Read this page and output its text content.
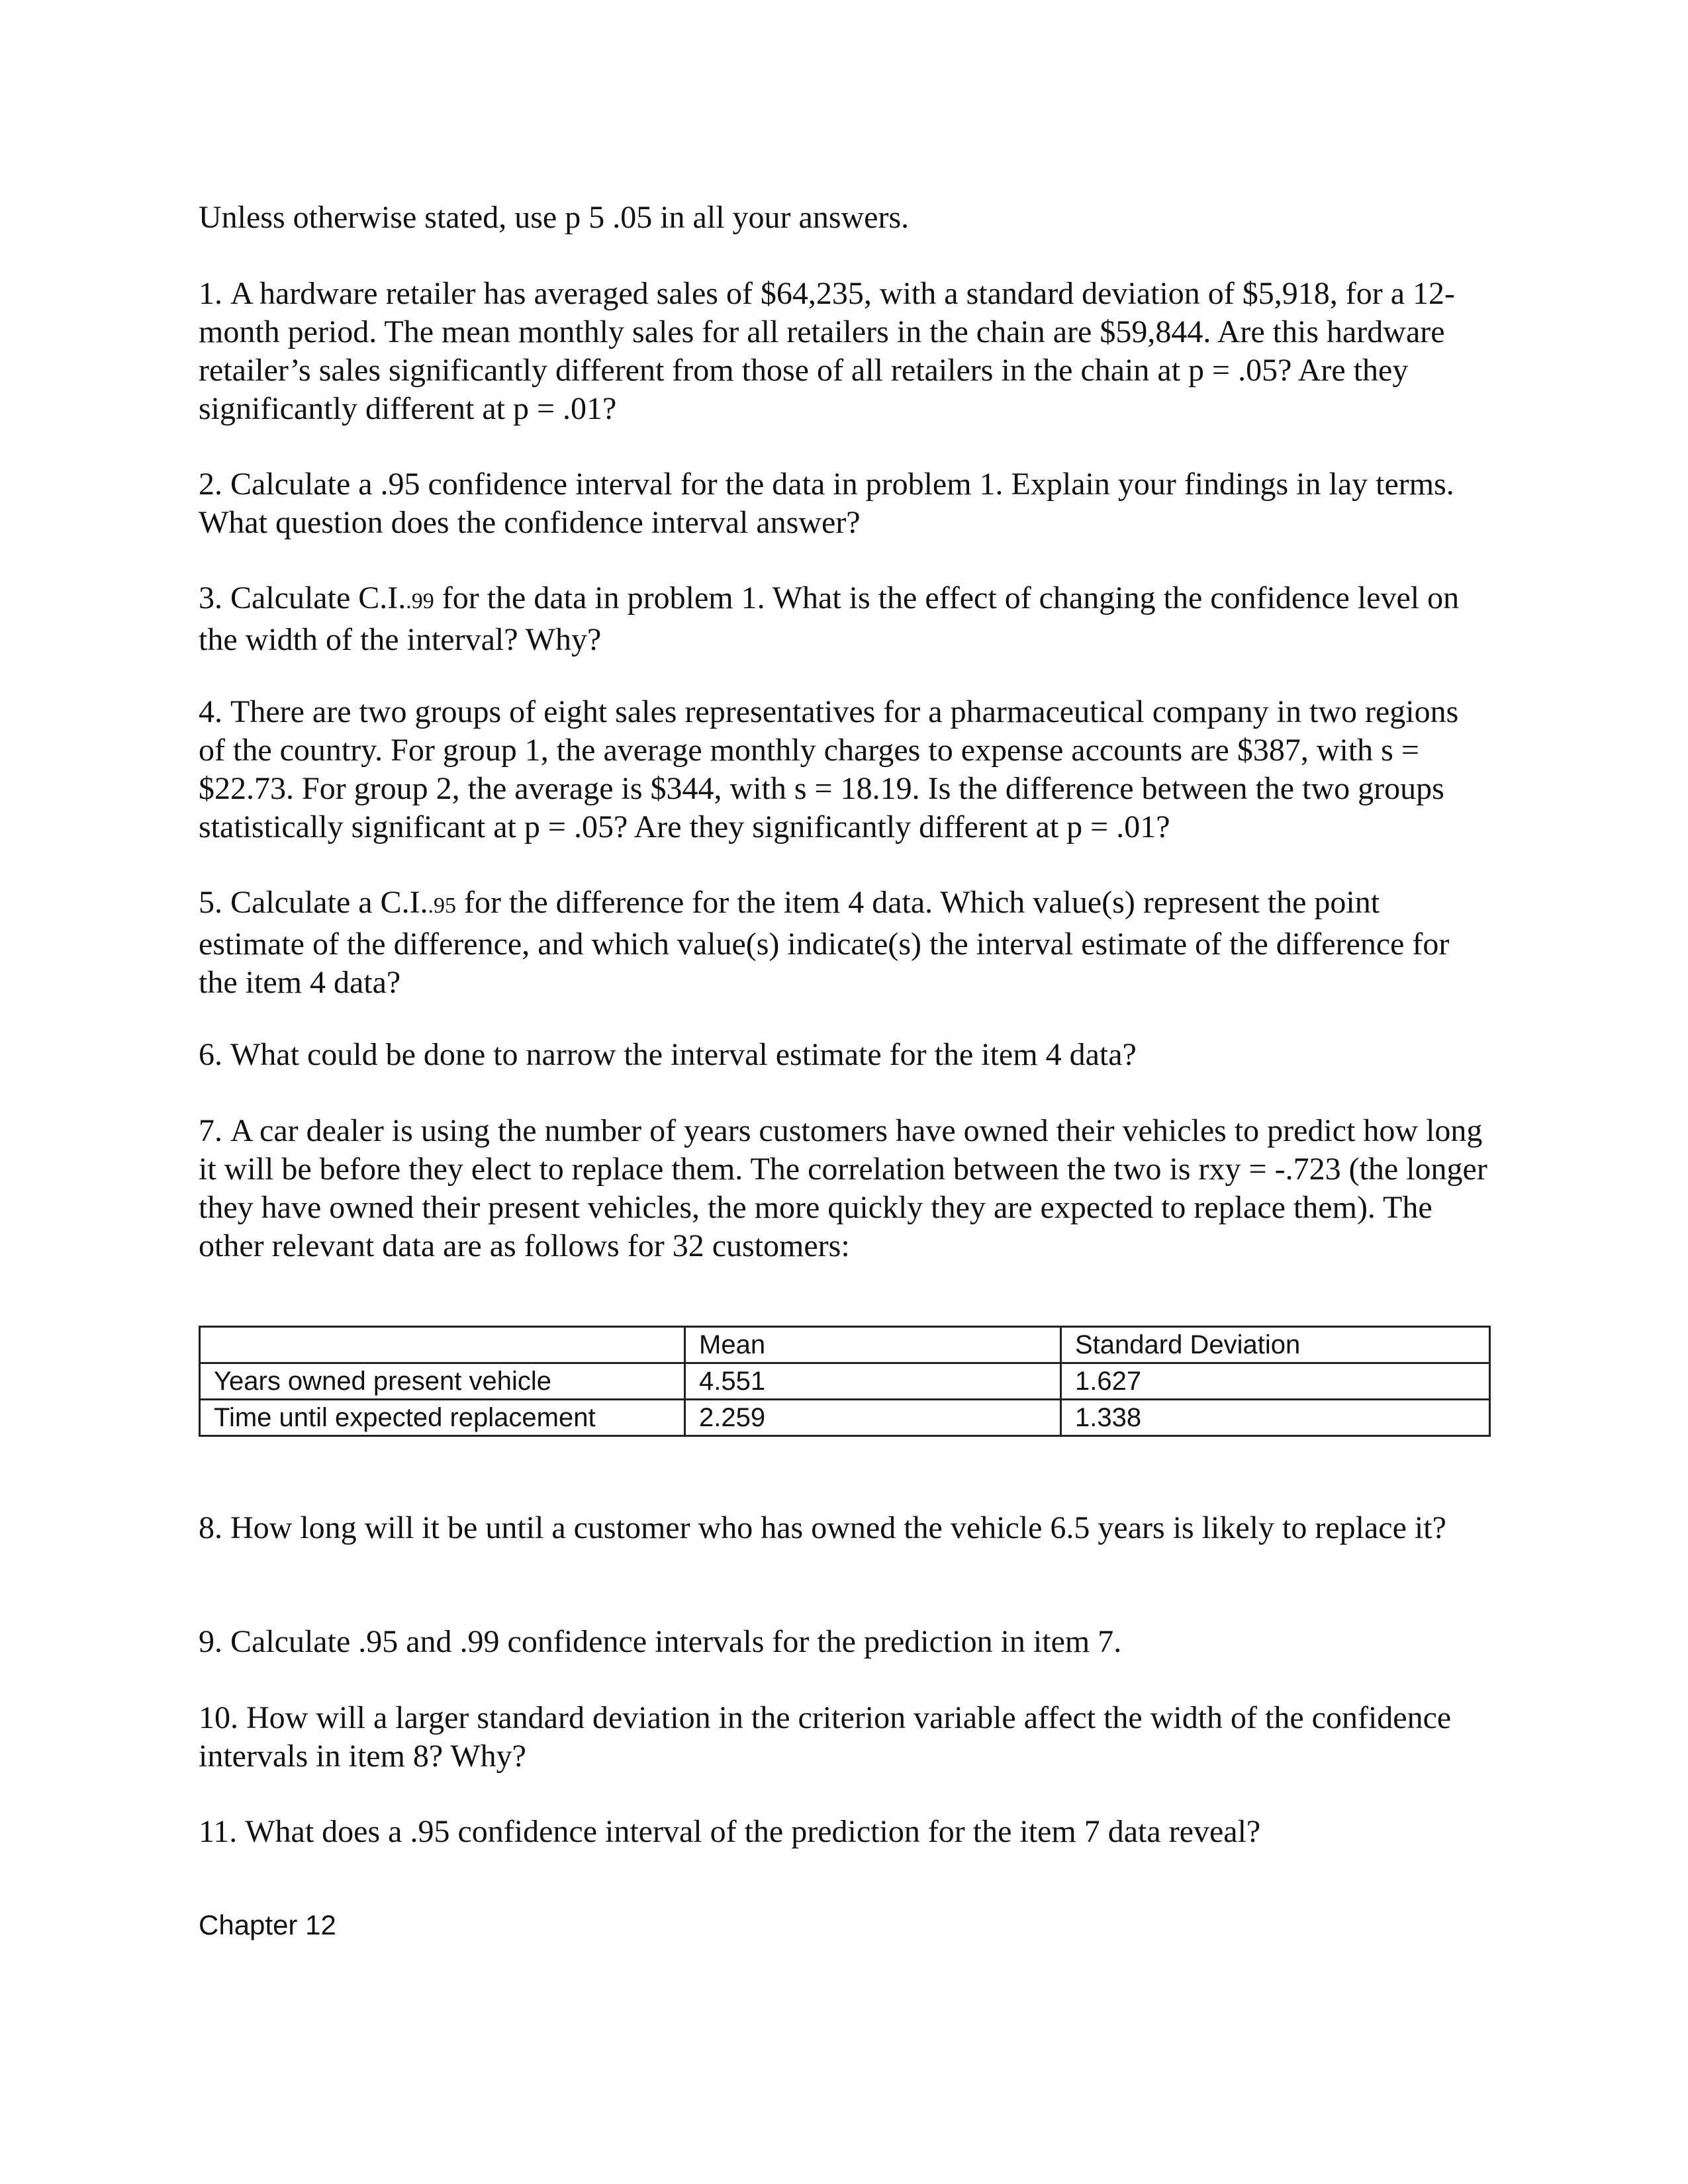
Unless otherwise stated, use p 5 .05 in all your answers.

1. A hardware retailer has averaged sales of $64,235, with a standard deviation of $5,918, for a 12-month period. The mean monthly sales for all retailers in the chain are $59,844. Are this hardware retailer’s sales significantly different from those of all retailers in the chain at p = .05? Are they significantly different at p = .01?

2. Calculate a .95 confidence interval for the data in problem 1. Explain your findings in lay terms. What question does the confidence interval answer?

3. Calculate C.I..99 for the data in problem 1. What is the effect of changing the confidence level on the width of the interval? Why?

4. There are two groups of eight sales representatives for a pharmaceutical company in two regions of the country. For group 1, the average monthly charges to expense accounts are $387, with s = $22.73. For group 2, the average is $344, with s = 18.19. Is the difference between the two groups statistically significant at p = .05? Are they significantly different at p = .01?

5. Calculate a C.I..95 for the difference for the item 4 data. Which value(s) represent the point estimate of the difference, and which value(s) indicate(s) the interval estimate of the difference for the item 4 data?

6. What could be done to narrow the interval estimate for the item 4 data?

7. A car dealer is using the number of years customers have owned their vehicles to predict how long it will be before they elect to replace them. The correlation between the two is rxy = -.723 (the longer they have owned their present vehicles, the more quickly they are expected to replace them). The other relevant data are as follows for 32 customers:

	Mean	Standard Deviation
Years owned present vehicle	4.551	1.627
Time until expected replacement	2.259	1.338

8. How long will it be until a customer who has owned the vehicle 6.5 years is likely to replace it?

9. Calculate .95 and .99 confidence intervals for the prediction in item 7.

10. How will a larger standard deviation in the criterion variable affect the width of the confidence intervals in item 8? Why?

11. What does a .95 confidence interval of the prediction for the item 7 data reveal?

Chapter 12
